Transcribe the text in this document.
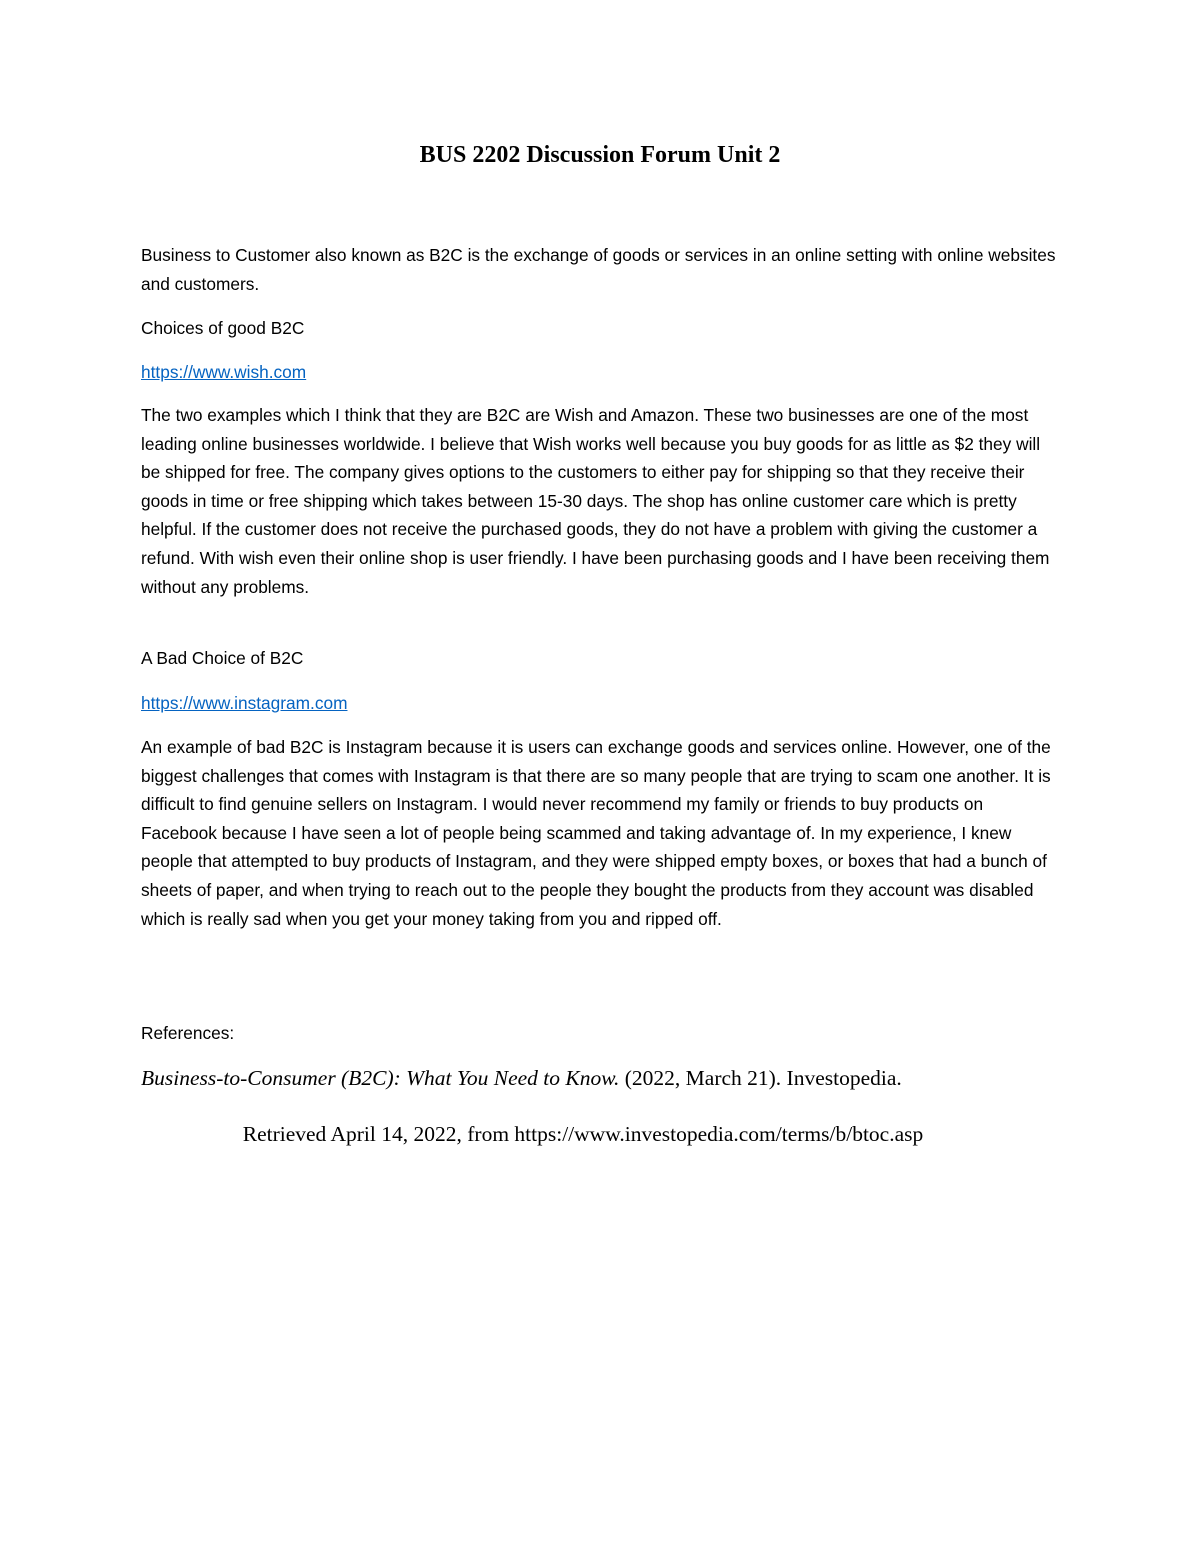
BUS 2202 Discussion Forum Unit 2

Business to Customer also known as B2C is the exchange of goods or services in an online setting with online websites and customers.

Choices of good B2C

https://www.wish.com

The two examples which I think that they are B2C are Wish and Amazon. These two businesses are one of the most leading online businesses worldwide. I believe that Wish works well because you buy goods for as little as $2 they will be shipped for free. The company gives options to the customers to either pay for shipping so that they receive their goods in time or free shipping which takes between 15-30 days. The shop has online customer care which is pretty helpful. If the customer does not receive the purchased goods, they do not have a problem with giving the customer a refund. With wish even their online shop is user friendly. I have been purchasing goods and I have been receiving them without any problems.

A Bad Choice of B2C

https://www.instagram.com

An example of bad B2C is Instagram because it is users can exchange goods and services online. However, one of the biggest challenges that comes with Instagram is that there are so many people that are trying to scam one another. It is difficult to find genuine sellers on Instagram. I would never recommend my family or friends to buy products on Facebook because I have seen a lot of people being scammed and taking advantage of. In my experience, I knew people that attempted to buy products of Instagram, and they were shipped empty boxes, or boxes that had a bunch of sheets of paper, and when trying to reach out to the people they bought the products from they account was disabled which is really sad when you get your money taking from you and ripped off.

References:

Business-to-Consumer (B2C): What You Need to Know. (2022, March 21). Investopedia.

Retrieved April 14, 2022, from https://www.investopedia.com/terms/b/btoc.asp
